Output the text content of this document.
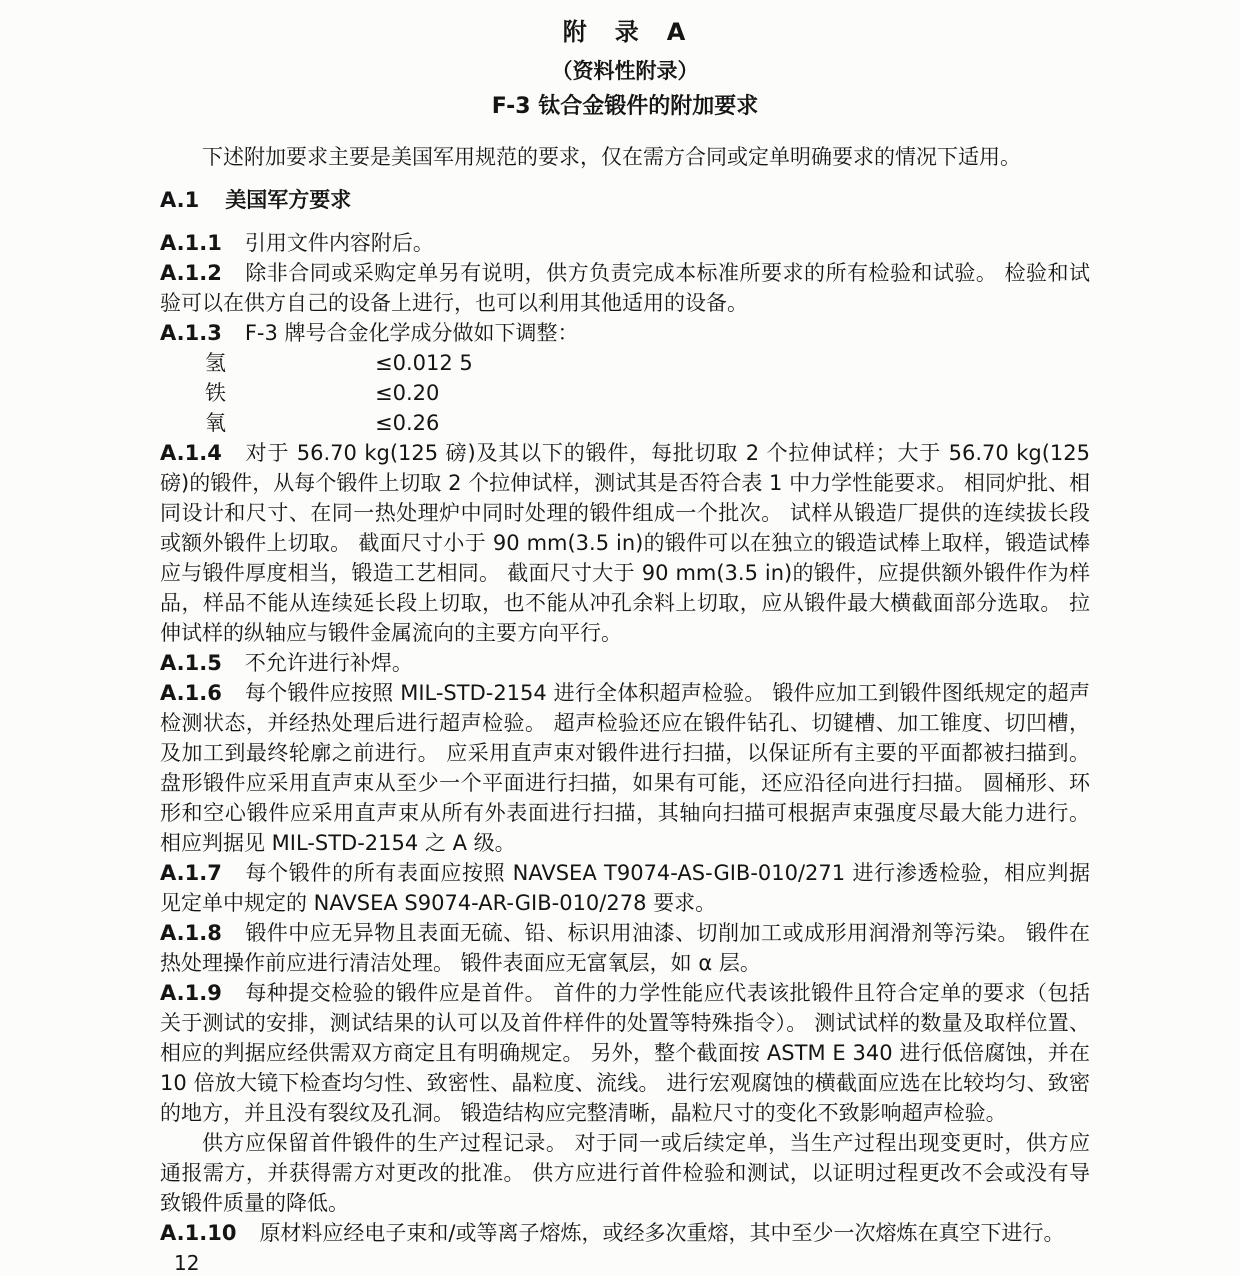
附　录　A
（资料性附录）
F-3 钛合金锻件的附加要求

下述附加要求主要是美国军用规范的要求，仅在需方合同或定单明确要求的情况下适用。

A.1 美国军方要求

A.1.1 引用文件内容附后。

A.1.2 除非合同或采购定单另有说明，供方负责完成本标准所要求的所有检验和试验。 检验和试验可以在供方自己的设备上进行，也可以利用其他适用的设备。

A.1.3 F-3 牌号合金化学成分做如下调整：

氢	≤0.012 5
铁	≤0.20
氧	≤0.26

A.1.4 对于 56.70 kg(125 磅)及其以下的锻件，每批切取 2 个拉伸试样；大于 56.70 kg(125 磅)的锻件，从每个锻件上切取 2 个拉伸试样，测试其是否符合表 1 中力学性能要求。 相同炉批、相同设计和尺寸、在同一热处理炉中同时处理的锻件组成一个批次。 试样从锻造厂提供的连续拔长段或额外锻件上切取。 截面尺寸小于 90 mm(3.5 in)的锻件可以在独立的锻造试棒上取样，锻造试棒应与锻件厚度相当，锻造工艺相同。 截面尺寸大于 90 mm(3.5 in)的锻件，应提供额外锻件作为样品，样品不能从连续延长段上切取，也不能从冲孔余料上切取，应从锻件最大横截面部分选取。 拉伸试样的纵轴应与锻件金属流向的主要方向平行。

A.1.5 不允许进行补焊。

A.1.6 每个锻件应按照 MIL-STD-2154 进行全体积超声检验。 锻件应加工到锻件图纸规定的超声检测状态，并经热处理后进行超声检验。 超声检验还应在锻件钻孔、切键槽、加工锥度、切凹槽，及加工到最终轮廓之前进行。 应采用直声束对锻件进行扫描，以保证所有主要的平面都被扫描到。 盘形锻件应采用直声束从至少一个平面进行扫描，如果有可能，还应沿径向进行扫描。 圆桶形、环形和空心锻件应采用直声束从所有外表面进行扫描，其轴向扫描可根据声束强度尽最大能力进行。 相应判据见 MIL-STD-2154 之 A 级。

A.1.7 每个锻件的所有表面应按照 NAVSEA T9074-AS-GIB-010/271 进行渗透检验，相应判据见定单中规定的 NAVSEA S9074-AR-GIB-010/278 要求。

A.1.8 锻件中应无异物且表面无硫、铅、标识用油漆、切削加工或成形用润滑剂等污染。 锻件在热处理操作前应进行清洁处理。 锻件表面应无富氧层，如 α 层。

A.1.9 每种提交检验的锻件应是首件。 首件的力学性能应代表该批锻件且符合定单的要求（包括关于测试的安排，测试结果的认可以及首件样件的处置等特殊指令）。 测试试样的数量及取样位置、相应的判据应经供需双方商定且有明确规定。 另外，整个截面按 ASTM E 340 进行低倍腐蚀，并在 10 倍放大镜下检查均匀性、致密性、晶粒度、流线。 进行宏观腐蚀的横截面应选在比较均匀、致密的地方，并且没有裂纹及孔洞。 锻造结构应完整清晰，晶粒尺寸的变化不致影响超声检验。

供方应保留首件锻件的生产过程记录。 对于同一或后续定单，当生产过程出现变更时，供方应通报需方，并获得需方对更改的批准。 供方应进行首件检验和测试，以证明过程更改不会或没有导致锻件质量的降低。

A.1.10 原材料应经电子束和/或等离子熔炼，或经多次重熔，其中至少一次熔炼在真空下进行。

12
